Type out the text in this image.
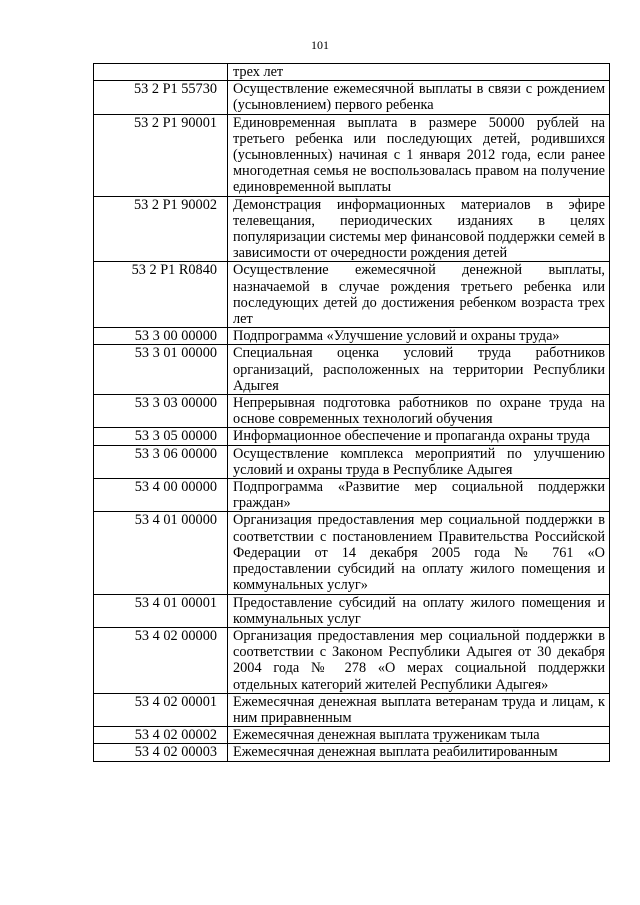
101
	трех лет
53 2 P1 55730	Осуществление ежемесячной выплаты в связи с рождением (усыновлением) первого ребенка
53 2 P1 90001	Единовременная выплата в размере 50000 рублей на третьего ребенка или последующих детей, родившихся (усыновленных) начиная с 1 января 2012 года, если ранее многодетная семья не воспользовалась правом на получение единовременной выплаты
53 2 P1 90002	Демонстрация информационных материалов в эфире телевещания, периодических изданиях в целях популяризации системы мер финансовой поддержки семей в зависимости от очередности рождения детей
53 2 P1 R0840	Осуществление ежемесячной денежной выплаты, назначаемой в случае рождения третьего ребенка или последующих детей до достижения ребенком возраста трех лет
53 3 00 00000	Подпрограмма «Улучшение условий и охраны труда»
53 3 01 00000	Специальная оценка условий труда работников организаций, расположенных на территории Республики Адыгея
53 3 03 00000	Непрерывная подготовка работников по охране труда на основе современных технологий обучения
53 3 05 00000	Информационное обеспечение и пропаганда охраны труда
53 3 06 00000	Осуществление комплекса мероприятий по улучшению условий и охраны труда в Республике Адыгея
53 4 00 00000	Подпрограмма «Развитие мер социальной поддержки граждан»
53 4 01 00000	Организация предоставления мер социальной поддержки в соответствии с постановлением Правительства Российской Федерации от 14 декабря 2005 года № 761 «О предоставлении субсидий на оплату жилого помещения и коммунальных услуг»
53 4 01 00001	Предоставление субсидий на оплату жилого помещения и коммунальных услуг
53 4 02 00000	Организация предоставления мер социальной поддержки в соответствии с Законом Республики Адыгея от 30 декабря 2004 года № 278 «О мерах социальной поддержки отдельных категорий жителей Республики Адыгея»
53 4 02 00001	Ежемесячная денежная выплата ветеранам труда и лицам, к ним приравненным
53 4 02 00002	Ежемесячная денежная выплата труженикам тыла
53 4 02 00003	Ежемесячная денежная выплата реабилитированным
